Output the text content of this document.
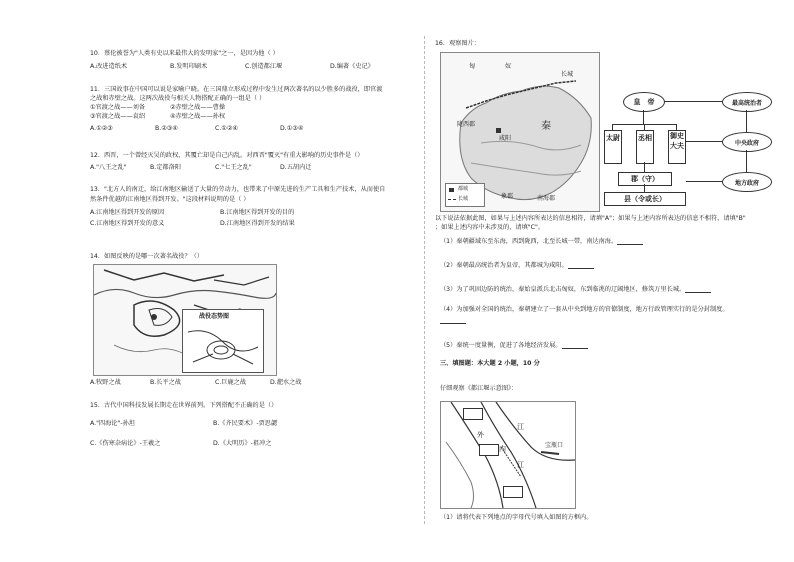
10．蔡伦被誉为"人类有史以来最伟大的发明家"之一，是因为他（ ）
A.改进造纸术	B.发明印刷术	C.创造都江堰	D.编著《史记》
11．三国故事在中国可以说是家喻户晓。在三国鼎立形成过程中发生过两次著名的以少胜多的战役，即官渡
之战和赤壁之战。这两次战役与相关人物搭配正确的一组是（ ）
①官渡之战——刘备	②赤壁之战——曹操
③官渡之战——袁绍	④赤壁之战——孙权
A.①②③	B.②③④	C.①②④	D.①③④
12．西晋，一个曾经灭吴的政权，其覆亡却是自己内乱。对西晋"覆灭"有重大影响的历史事件是（）
A."八王之乱"	B.定都洛阳	C."七王之乱"	D.五胡内迁
13．"北方人的南迁，给江南地区输送了大量的劳动力，也带来了中原先进的生产工具和生产技术，从而使自
然条件优越的江南地区得到开发。"这段材料说明的是（ ）
A.江南地区得到开发的原因	B.江南地区得到开发的目的
C.江南地区得到开发的意义	D.江南地区得到开发的结果
14．如图反映的是哪一次著名战役？（）
战役态势图
A.牧野之战	B.长平之战	C.巨鹿之战	D.淝水之战
15．古代中国科技发展长期走在世界前列。下列搭配不正确的是（）
A."四海论"-孙坦	B.《齐民要术》-贾思勰
C.《伤寒杂病论》-王羲之	D.《大明历》-祖冲之
16．观察图片：
匈	奴
长城
陇西郡
咸阳
秦
南海郡
象郡
都城
长城
皇　帝
太尉	丞相	御史大夫
郡（守）
县（令或长）
最高统治者
中央政府
地方政府
以下说法依据此图，如果与上述内容所表达的信息相符，请填"A"；如果与上述内容所表达的信息不相符，请填"B"
；如果上述内容中未涉及的，请填"C"。
（1）秦朝疆域东至东海，西到陇西，北至长城一带，南达南海。
（2）秦朝最高统治者为皇帝，其都城为咸阳。
（3）为了巩固边防的统治，秦始皇派兵北击匈奴，东到临洮的辽阔地区，修筑万里长城。
（4）为加强对全国的统治，秦朝建立了一套从中央到地方的官僚制度，地方行政管理实行的是分封制度。
（5）秦统一度量衡，促进了各地经济发展。
三、填图题：本大题 2 小题，10 分
仔细观察《都江堰示意图》：
江
外
内
江
宝瓶口
（1）请将代表下列地点的字母代号填入如图的方框内。
